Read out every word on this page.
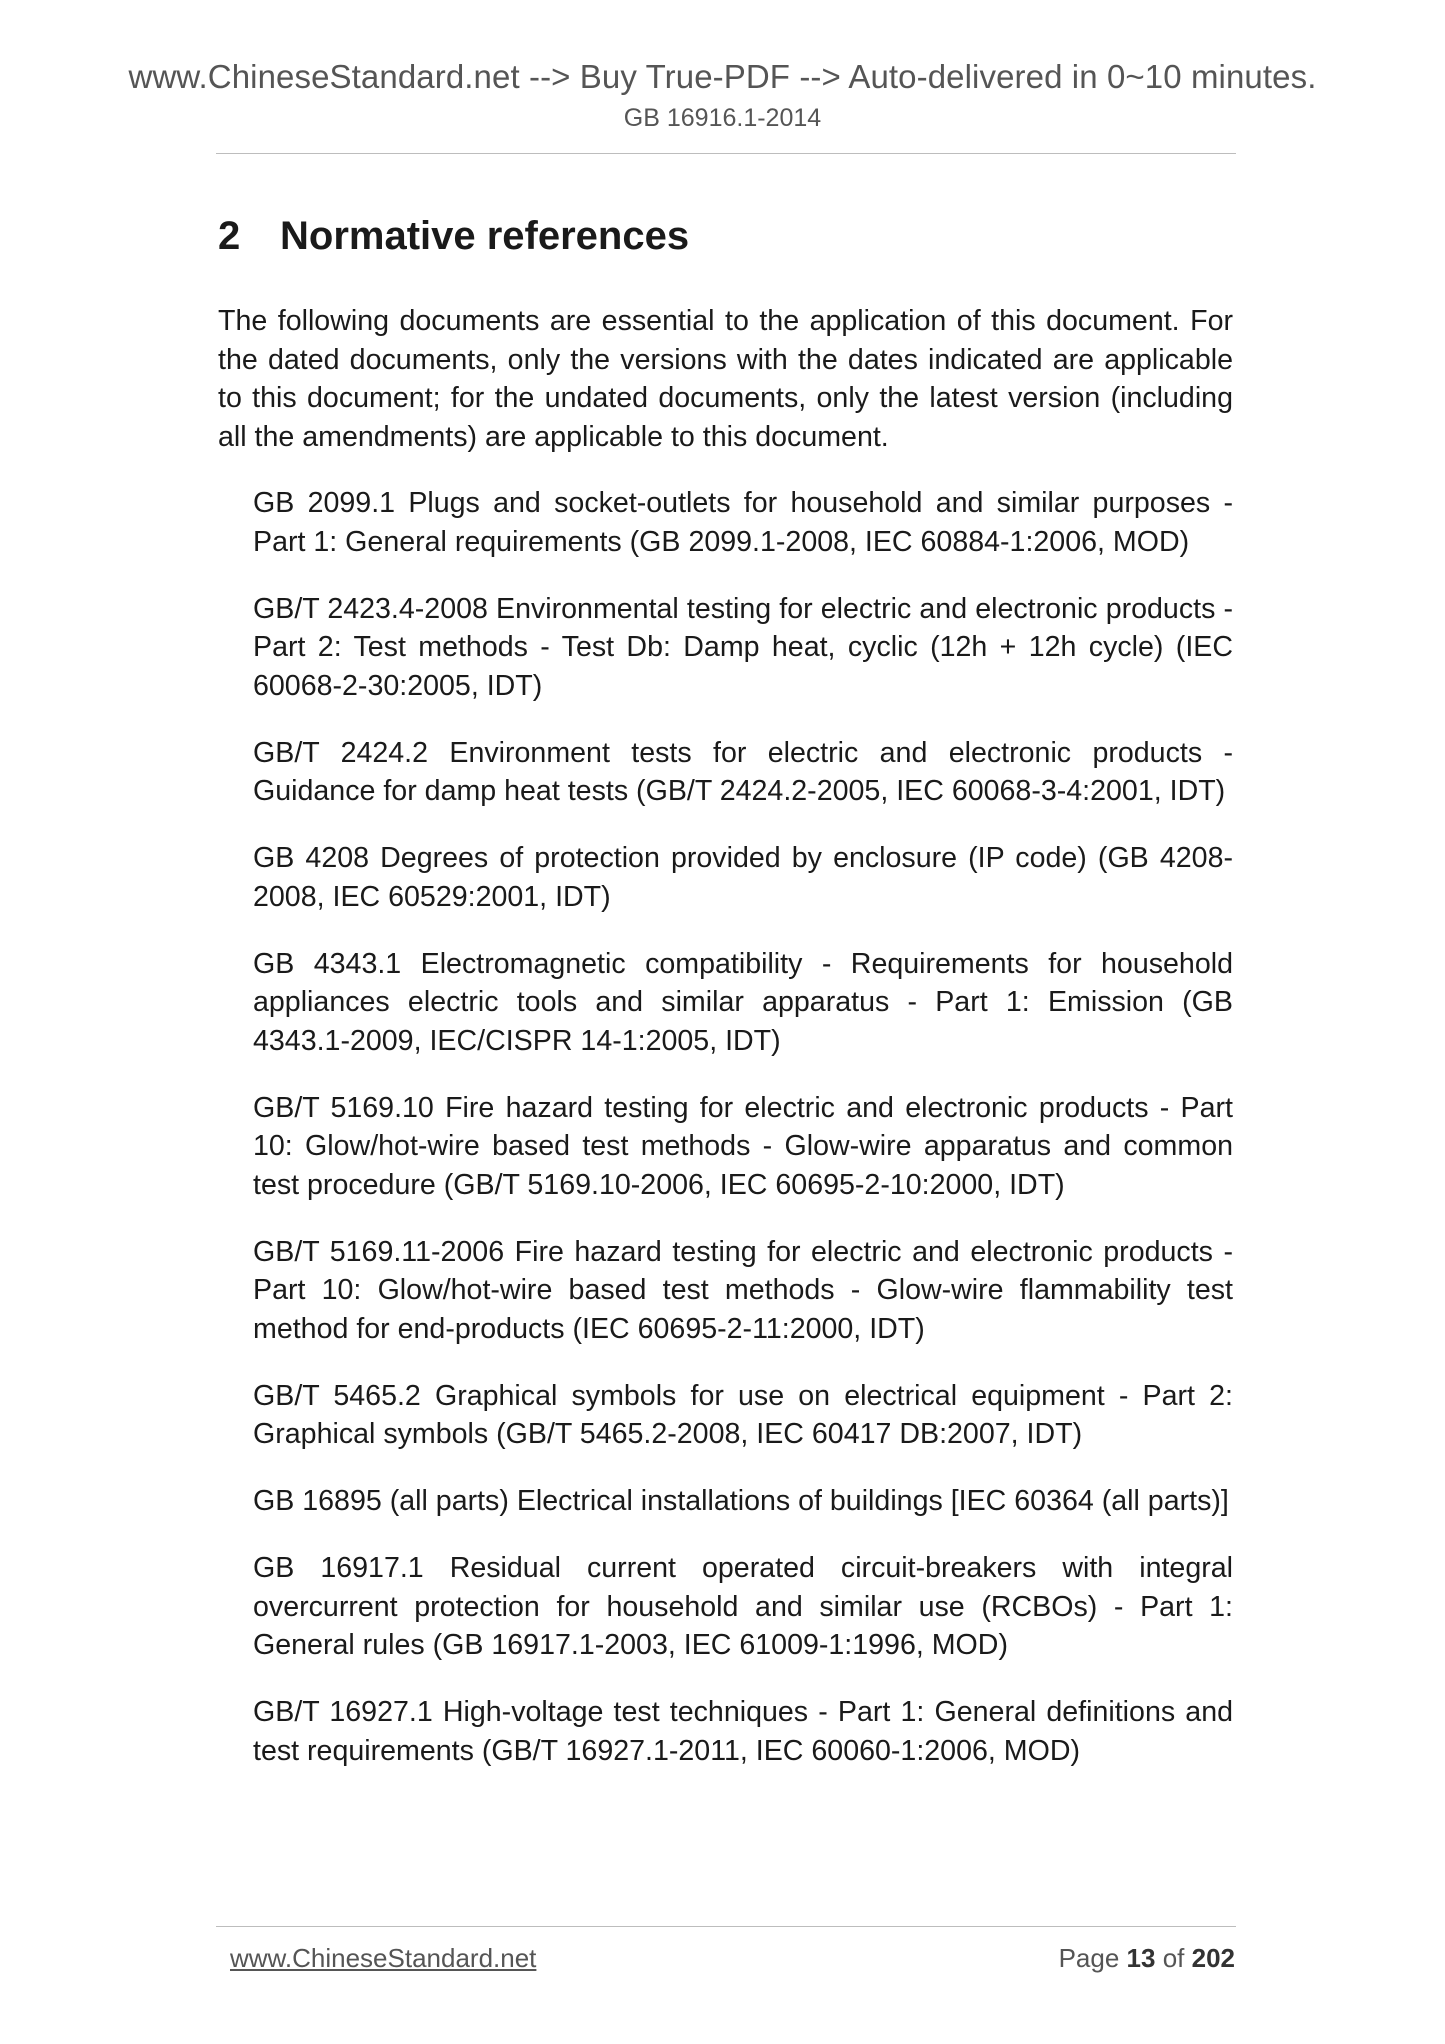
www.ChineseStandard.net --> Buy True-PDF --> Auto-delivered in 0~10 minutes.
GB 16916.1-2014
2 Normative references

The following documents are essential to the application of this document. For the dated documents, only the versions with the dates indicated are applicable to this document; for the undated documents, only the latest version (including all the amendments) are applicable to this document.

GB 2099.1 Plugs and socket-outlets for household and similar purposes - Part 1: General requirements (GB 2099.1-2008, IEC 60884-1:2006, MOD)
GB/T 2423.4-2008 Environmental testing for electric and electronic products - Part 2: Test methods - Test Db: Damp heat, cyclic (12h + 12h cycle) (IEC 60068-2-30:2005, IDT)
GB/T 2424.2 Environment tests for electric and electronic products - Guidance for damp heat tests (GB/T 2424.2-2005, IEC 60068-3-4:2001, IDT)
GB 4208 Degrees of protection provided by enclosure (IP code) (GB 4208-2008, IEC 60529:2001, IDT)
GB 4343.1 Electromagnetic compatibility - Requirements for household appliances electric tools and similar apparatus - Part 1: Emission (GB 4343.1-2009, IEC/CISPR 14-1:2005, IDT)
GB/T 5169.10 Fire hazard testing for electric and electronic products - Part 10: Glow/hot-wire based test methods - Glow-wire apparatus and common test procedure (GB/T 5169.10-2006, IEC 60695-2-10:2000, IDT)
GB/T 5169.11-2006 Fire hazard testing for electric and electronic products - Part 10: Glow/hot-wire based test methods - Glow-wire flammability test method for end-products (IEC 60695-2-11:2000, IDT)
GB/T 5465.2 Graphical symbols for use on electrical equipment - Part 2: Graphical symbols (GB/T 5465.2-2008, IEC 60417 DB:2007, IDT)
GB 16895 (all parts) Electrical installations of buildings [IEC 60364 (all parts)]
GB 16917.1 Residual current operated circuit-breakers with integral overcurrent protection for household and similar use (RCBOs) - Part 1: General rules (GB 16917.1-2003, IEC 61009-1:1996, MOD)
GB/T 16927.1 High-voltage test techniques - Part 1: General definitions and test requirements (GB/T 16927.1-2011, IEC 60060-1:2006, MOD)
www.ChineseStandard.net	Page 13 of 202
